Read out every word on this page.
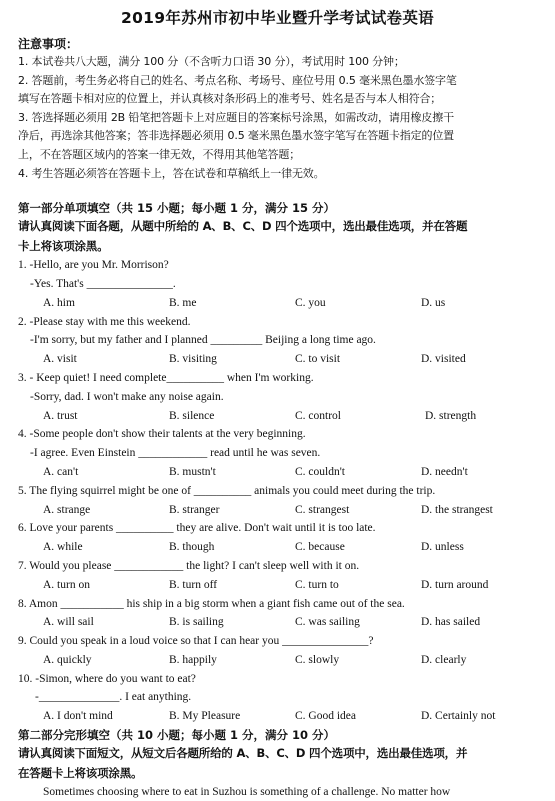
2019年苏州市初中毕业暨升学考试试卷英语
注意事项：
1. 本试卷共八大题，满分 100 分（不含听力口语 30 分），考试用时 100 分钟；
2. 答题前，考生务必将自己的姓名、考点名称、考场号、座位号用 0.5 毫米黑色墨水签字笔
填写在答题卡相对应的位置上，并认真核对条形码上的准考号、姓名是否与本人相符合；
3. 答选择题必须用 2B 铅笔把答题卡上对应题目的答案标号涂黑，如需改动，请用橡皮擦干
净后，再选涂其他答案；答非选择题必须用 0.5 毫米黑色墨水签字笔写在答题卡指定的位置
上，不在答题区域内的答案一律无效，不得用其他笔答题；
4. 考生答题必须答在答题卡上，答在试卷和草稿纸上一律无效。
第一部分单项填空（共 15 小题；每小题 1 分，满分 15 分）
请认真阅读下面各题，从题中所给的 A、B、C、D 四个选项中，选出最佳选项，并在答题
卡上将该项涂黑。
1. -Hello, are you Mr. Morrison?
-Yes. That's _______________.
A. him	B. me	C. you	D. us
2. -Please stay with me this weekend.
-I'm sorry, but my father and I planned _________ Beijing a long time ago.
A. visit	B. visiting	C. to visit	D. visited
3. - Keep quiet! I need complete__________ when I'm working.
-Sorry, dad. I won't make any noise again.
A. trust	B. silence	C. control	D. strength
4. -Some people don't show their talents at the very beginning.
-I agree. Even Einstein ____________ read until he was seven.
A. can't	B. mustn't	C. couldn't	D. needn't
5. The flying squirrel might be one of __________ animals you could meet during the trip.
A. strange	B. stranger	C. strangest	D. the strangest
6. Love your parents __________ they are alive. Don't wait until it is too late.
A. while	B. though	C. because	D. unless
7. Would you please ____________ the light? I can't sleep well with it on.
A. turn on	B. turn off	C. turn to	D. turn around
8. Amon ___________ his ship in a big storm when a giant fish came out of the sea.
A. will sail	B. is sailing	C. was sailing	D. has sailed
9. Could you speak in a loud voice so that I can hear you _______________?
A. quickly	B. happily	C. slowly	D. clearly
10. -Simon, where do you want to eat?
-______________. I eat anything.
A. I don't mind	B. My Pleasure	C. Good idea	D. Certainly not
第二部分完形填空（共 10 小题；每小题 1 分，满分 10 分）
请认真阅读下面短文，从短文后各题所给的 A、B、C、D 四个选项中，选出最佳选项，并
在答题卡上将该项涂黑。
Sometimes choosing where to eat in Suzhou is something of a challenge. No matter how
